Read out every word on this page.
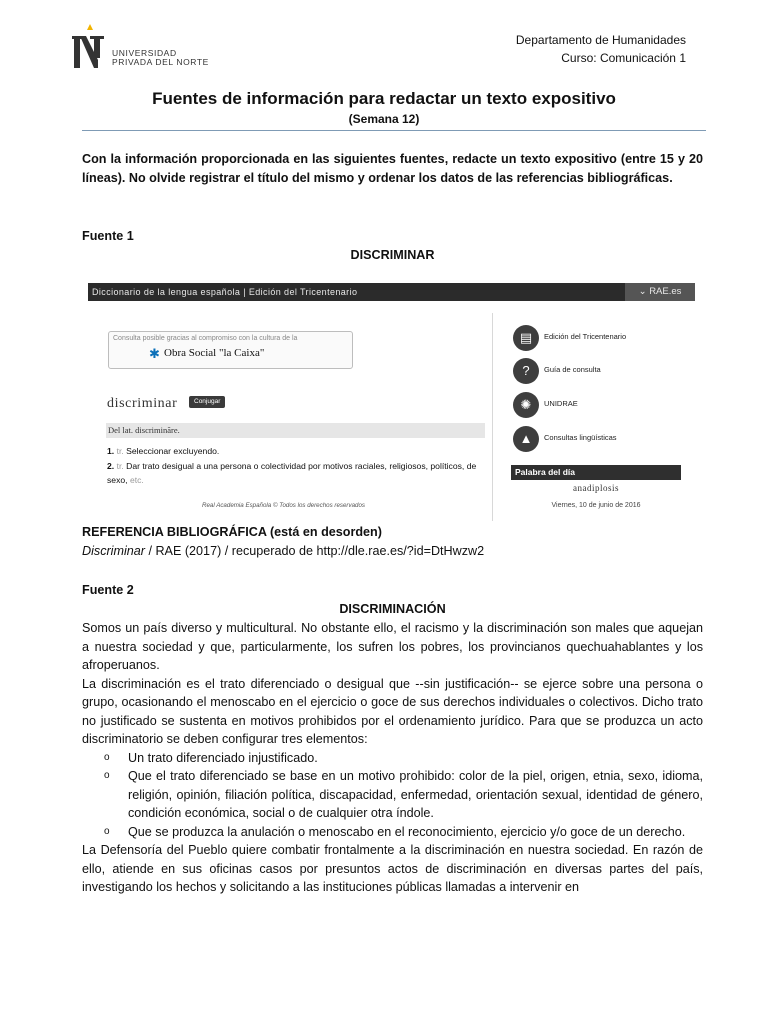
UNIVERSIDAD
PRIVADA DEL NORTE
Departamento de Humanidades
Curso: Comunicación 1
Fuentes de información para redactar un texto expositivo
(Semana 12)
Con la información proporcionada en las siguientes fuentes, redacte un texto expositivo (entre 15 y 20 líneas). No olvide registrar el título del mismo y ordenar los datos de las referencias bibliográficas.
Fuente 1
DISCRIMINAR
Diccionario de la lengua española | Edición del Tricentenario	⌄ RAE.es
Consulta posible gracias al compromiso con la cultura de la
✱ Obra Social "la Caixa"
discriminar	Conjugar
Del lat. discriminãre.
1. tr. Seleccionar excluyendo.
2. tr. Dar trato desigual a una persona o colectividad por motivos raciales, religiosos, políticos, de sexo, etc.
Real Academia Española © Todos los derechos reservados
▤	Edición del Tricentenario
?	Guía de consulta
✺	UNIDRAE
▲	Consultas lingüísticas
Palabra del día
anadiplosis
Viernes, 10 de junio de 2016
REFERENCIA BIBLIOGRÁFICA (está en desorden)
Discriminar / RAE (2017) / recuperado de http://dle.rae.es/?id=DtHwzw2
Fuente 2
DISCRIMINACIÓN
Somos un país diverso y multicultural. No obstante ello, el racismo y la discriminación son males que aquejan a nuestra sociedad y que, particularmente, los sufren los pobres, los provincianos quechuahablantes y los afroperuanos.
La discriminación es el trato diferenciado o desigual que --sin justificación-- se ejerce sobre una persona o grupo, ocasionando el menoscabo en el ejercicio o goce de sus derechos individuales o colectivos. Dicho trato no justificado se sustenta en motivos prohibidos por el ordenamiento jurídico. Para que se produzca un acto discriminatorio se deben configurar tres elementos:
o Un trato diferenciado injustificado.
o Que el trato diferenciado se base en un motivo prohibido: color de la piel, origen, etnia, sexo, idioma, religión, opinión, filiación política, discapacidad, enfermedad, orientación sexual, identidad de género, condición económica, social o de cualquier otra índole.
o Que se produzca la anulación o menoscabo en el reconocimiento, ejercicio y/o goce de un derecho.
La Defensoría del Pueblo quiere combatir frontalmente a la discriminación en nuestra sociedad. En razón de ello, atiende en sus oficinas casos por presuntos actos de discriminación en diversas partes del país, investigando los hechos y solicitando a las instituciones públicas llamadas a intervenir en
